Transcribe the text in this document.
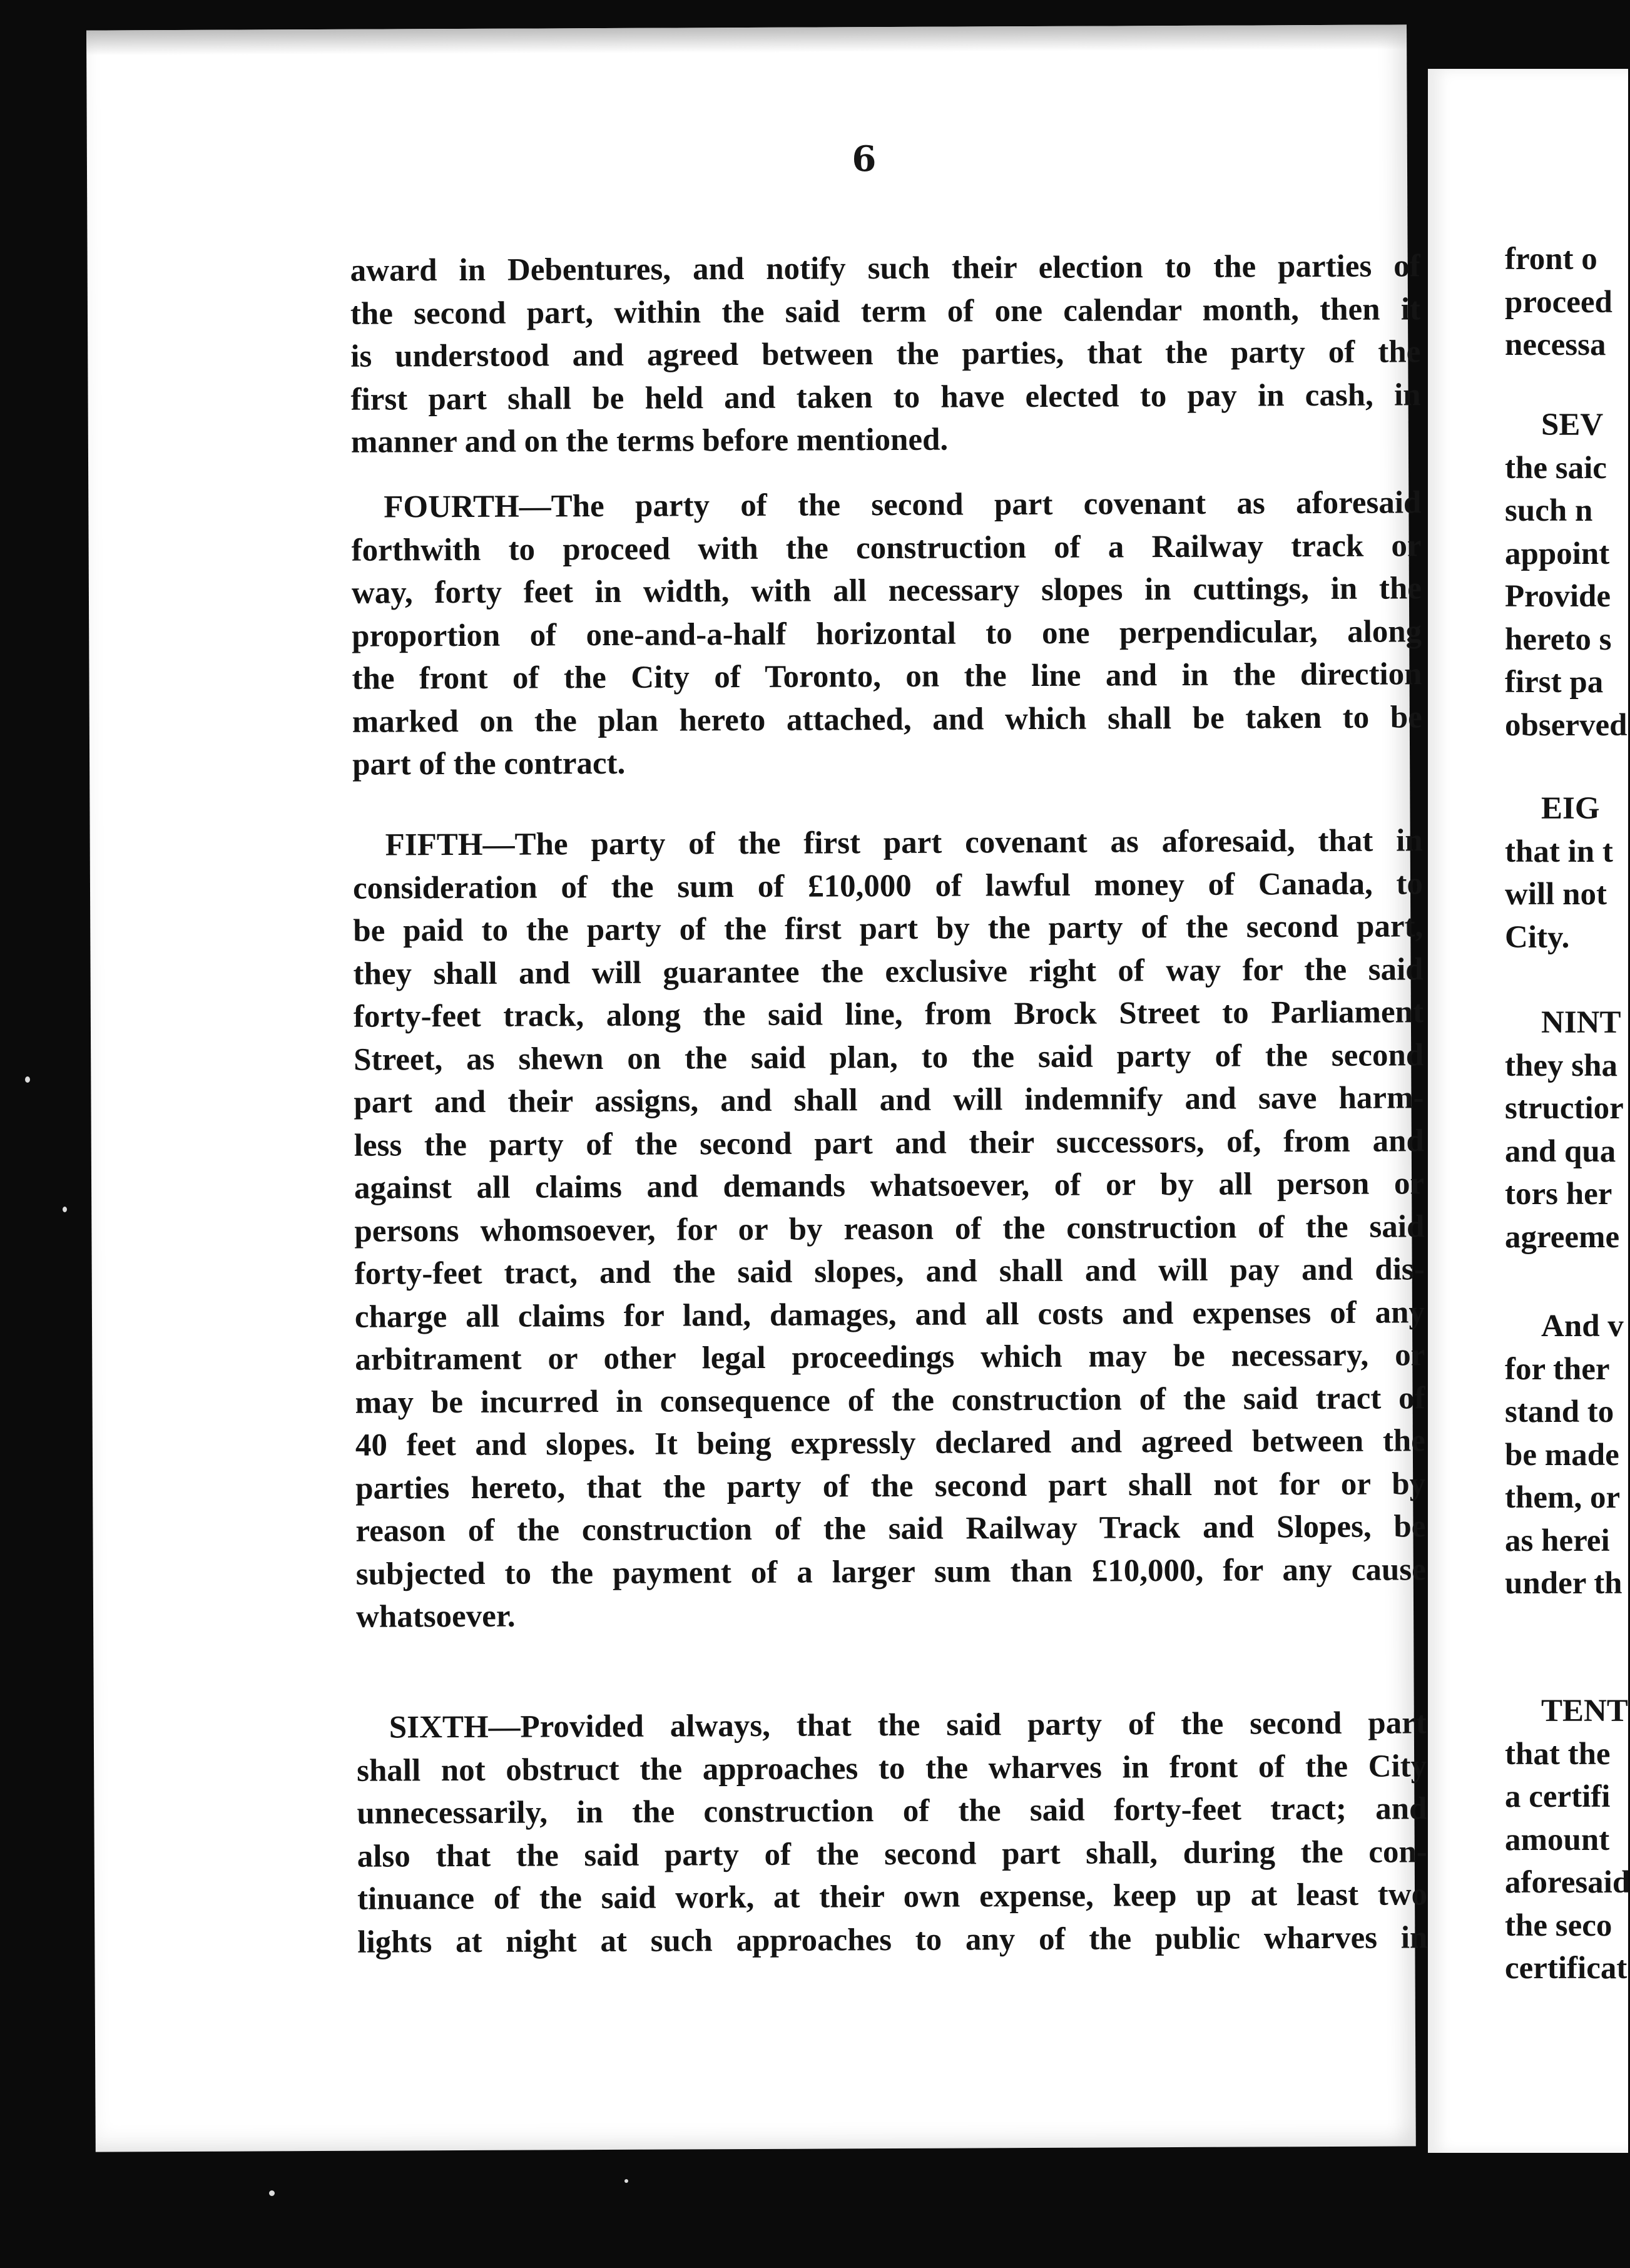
6
award in Debentures, and notify such their election to the parties of
the second part, within the said term of one calendar month, then it
is understood and agreed between the parties, that the party of the
first part shall be held and taken to have elected to pay in cash, in
manner and on the terms before mentioned.
FOURTH—The party of the second part covenant as aforesaid
forthwith to proceed with the construction of a Railway track or
way, forty feet in width, with all necessary slopes in cuttings, in the
proportion of one-and-a-half horizontal to one perpendicular, along
the front of the City of Toronto, on the line and in the direction
marked on the plan hereto attached, and which shall be taken to be
part of the contract.
FIFTH—The party of the first part covenant as aforesaid, that in
consideration of the sum of £10,000 of lawful money of Canada, to
be paid to the party of the first part by the party of the second part,
they shall and will guarantee the exclusive right of way for the said
forty-feet track, along the said line, from Brock Street to Parliament
Street, as shewn on the said plan, to the said party of the second
part and their assigns, and shall and will indemnify and save harm-
less the party of the second part and their successors, of, from and
against all claims and demands whatsoever, of or by all person or
persons whomsoever, for or by reason of the construction of the said
forty-feet tract, and the said slopes, and shall and will pay and dis-
charge all claims for land, damages, and all costs and expenses of any
arbitrament or other legal proceedings which may be necessary, or
may be incurred in consequence of the construction of the said tract of
40 feet and slopes. It being expressly declared and agreed between the
parties hereto, that the party of the second part shall not for or by
reason of the construction of the said Railway Track and Slopes, be
subjected to the payment of a larger sum than £10,000, for any cause
whatsoever.
SIXTH—Provided always, that the said party of the second part
shall not obstruct the approaches to the wharves in front of the City
unnecessarily, in the construction of the said forty-feet tract; and
also that the said party of the second part shall, during the con-
tinuance of the said work, at their own expense, keep up at least two
lights at night at such approaches to any of the public wharves in
front o
proceed
necessa
SEV
the saic
such n
appoint
Provide
hereto s
first pa
observed
EIG
that in t
will not
City.
NINT
they sha
structior
and qua
tors her
agreeme
And v
for ther
stand to
be made
them, or
as herei
under th
TENT
that the
a certifi
amount
aforesaid
the seco
certificat
